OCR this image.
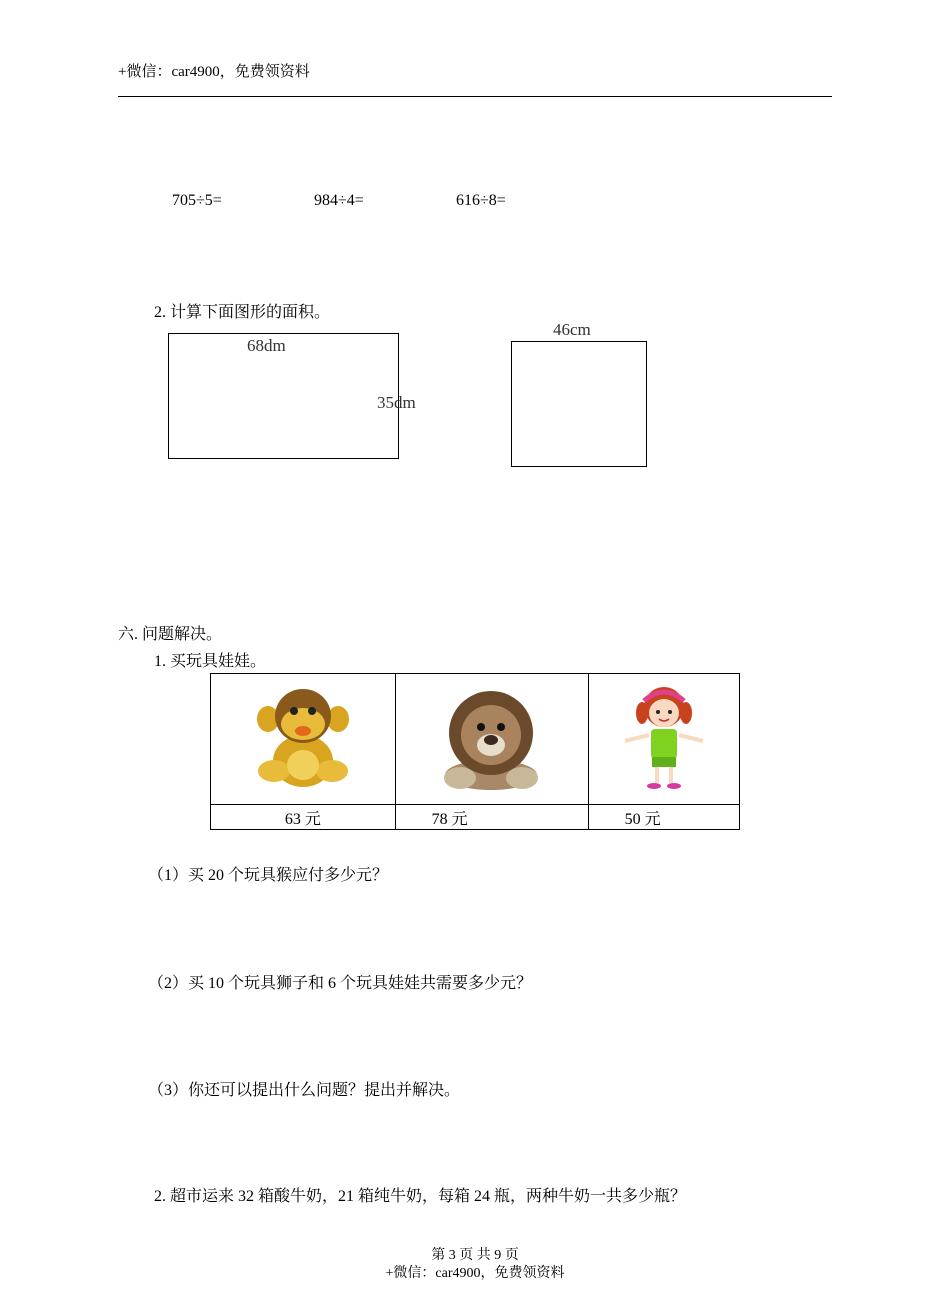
+微信：car4900，免费领资料
705÷5=	984÷4=	616÷8=
2. 计算下面图形的面积。
68dm
35dm
46cm
六. 问题解决。
1. 买玩具娃娃。

63 元	78 元	50 元
（1）买 20 个玩具猴应付多少元？
（2）买 10 个玩具狮子和 6 个玩具娃娃共需要多少元？
（3）你还可以提出什么问题？提出并解决。
2. 超市运来 32 箱酸牛奶，21 箱纯牛奶，每箱 24 瓶，两种牛奶一共多少瓶？
第 3 页 共 9 页
+微信：car4900，免费领资料
